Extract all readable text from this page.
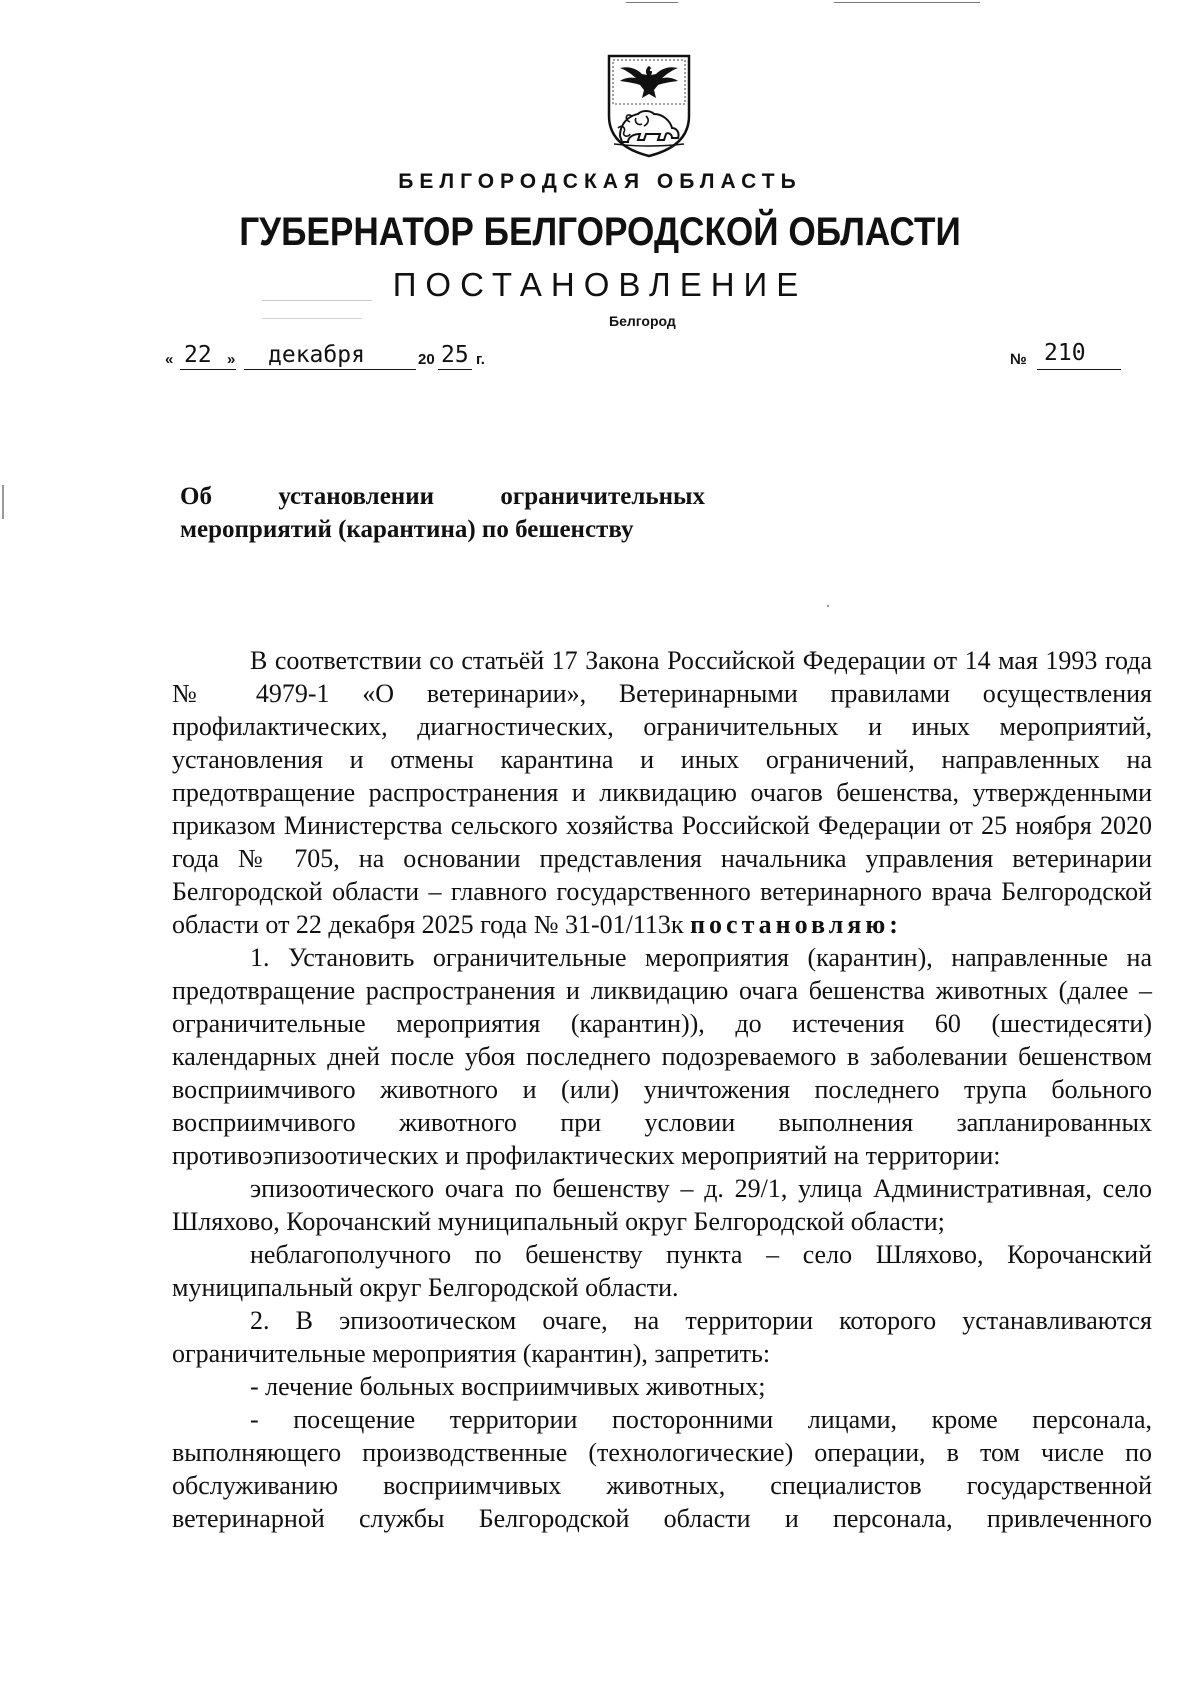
БЕЛГОРОДСКАЯ ОБЛАСТЬ
ГУБЕРНАТОР БЕЛГОРОДСКОЙ ОБЛАСТИ
ПОСТАНОВЛЕНИЕ
Белгород
« 22 » декабря	20 25 г.	№ 210
Об	установлении	ограничительных
мероприятий (карантина) по бешенству

В соответствии со статьёй 17 Закона Российской Федерации от 14 мая 1993 года № 4979-1 «О ветеринарии», Ветеринарными правилами осуществления профилактических, диагностических, ограничительных и иных мероприятий, установления и отмены карантина и иных ограничений, направленных на предотвращение распространения и ликвидацию очагов бешенства, утвержденными приказом Министерства сельского хозяйства Российской Федерации от 25 ноября 2020 года № 705, на основании представления начальника управления ветеринарии Белгородской области – главного государственного ветеринарного врача Белгородской области от 22 декабря 2025 года № 31-01/113к постановляю:

1. Установить ограничительные мероприятия (карантин), направленные на предотвращение распространения и ликвидацию очага бешенства животных (далее – ограничительные мероприятия (карантин)), до истечения 60 (шестидесяти) календарных дней после убоя последнего подозреваемого в заболевании бешенством восприимчивого животного и (или) уничтожения последнего трупа больного восприимчивого животного при условии выполнения запланированных противоэпизоотических и профилактических мероприятий на территории:

эпизоотического очага по бешенству – д. 29/1, улица Административная, село Шляхово, Корочанский муниципальный округ Белгородской области;

неблагополучного по бешенству пункта – село Шляхово, Корочанский муниципальный округ Белгородской области.

2. В эпизоотическом очаге, на территории которого устанавливаются ограничительные мероприятия (карантин), запретить:

- лечение больных восприимчивых животных;

- посещение территории посторонними лицами, кроме персонала, выполняющего производственные (технологические) операции, в том числе по обслуживанию восприимчивых животных, специалистов государственной ветеринарной службы Белгородской области и персонала, привлеченного
